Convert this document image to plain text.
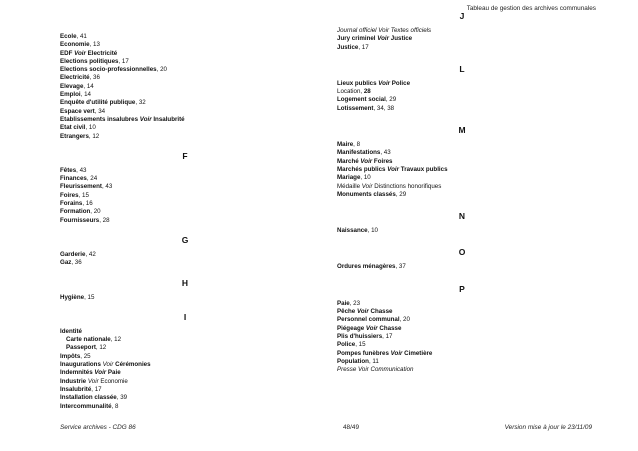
Tableau de gestion des archives communales
Ecole, 41
Economie, 13
EDF Voir Electricité
Elections politiques, 17
Elections socio-professionnelles, 20
Electricité, 36
Elevage, 14
Emploi, 14
Enquête d'utilité publique, 32
Espace vert, 34
Etablissements insalubres Voir Insalubrité
Etat civil, 10
Etrangers, 12
F
Fêtes, 43
Finances, 24
Fleurissement, 43
Foires, 15
Forains, 16
Formation, 20
Fournisseurs, 28
G
Garderie, 42
Gaz, 36
H
Hygiène, 15
I
Identité
Carte nationale, 12
Passeport, 12
Impôts, 25
Inaugurations Voir Cérémonies
Indemnités Voir Paie
Industrie Voir Economie
Insalubrité, 17
Installation classée, 39
Intercommunalité, 8
J
Journal officiel Voir Textes officiels
Jury criminel Voir Justice
Justice, 17
L
Lieux publics Voir Police
Location, 28
Logement social, 29
Lotissement, 34, 38
M
Maire, 8
Manifestations, 43
Marché Voir Foires
Marchés publics Voir Travaux publics
Mariage, 10
Médaille Voir Distinctions honorifiques
Monuments classés, 29
N
Naissance, 10
O
Ordures ménagères, 37
P
Paie, 23
Pêche Voir Chasse
Personnel communal, 20
Piégeage Voir Chasse
Plis d'huissiers, 17
Police, 15
Pompes funèbres Voir Cimetière
Population, 11
Presse Voir Communication
Service archives - CDG 86	48/49	Version mise à jour le 23/11/09
